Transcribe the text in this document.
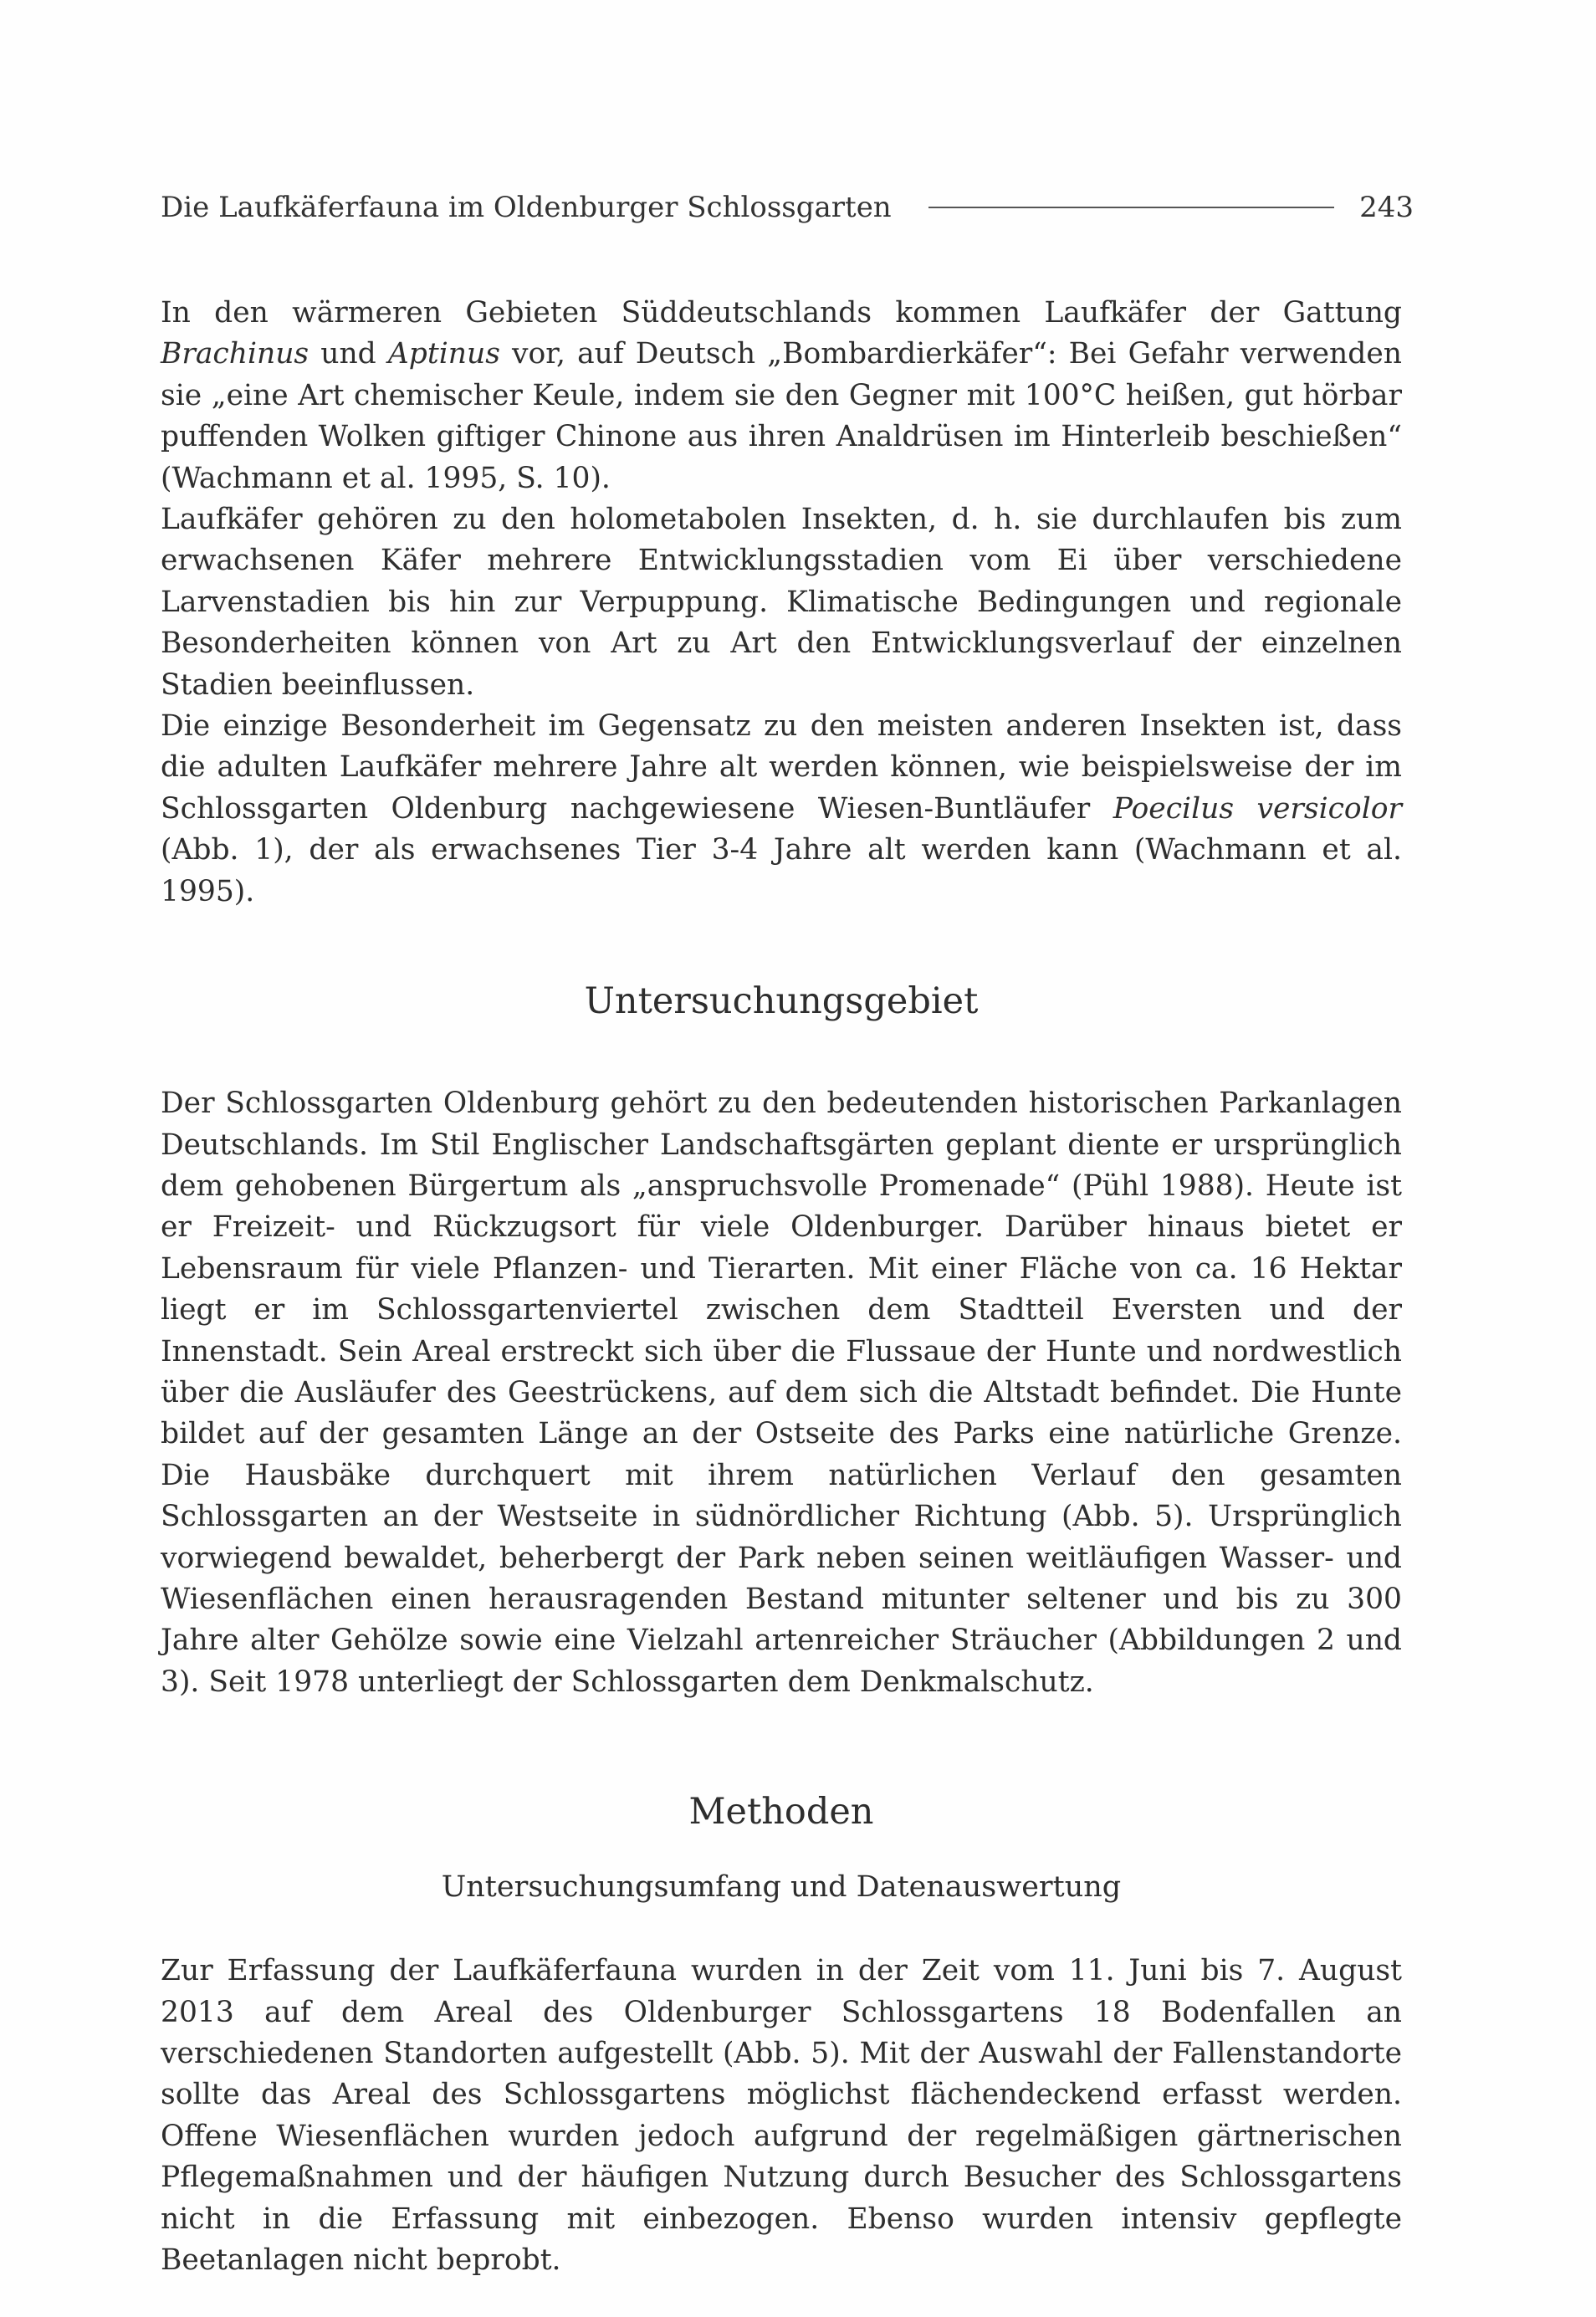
Die Laufkäferfauna im Oldenburger Schlossgarten	243

In den wärmeren Gebieten Süddeutschlands kommen Laufkäfer der Gattung Brachinus und Aptinus vor, auf Deutsch „Bombardierkäfer“: Bei Gefahr verwenden sie „eine Art chemischer Keule, indem sie den Gegner mit 100°C heißen, gut hörbar puffenden Wolken giftiger Chinone aus ihren Analdrüsen im Hinterleib beschießen“ (Wachmann et al. 1995, S. 10).

Laufkäfer gehören zu den holometabolen Insekten, d. h. sie durchlaufen bis zum erwachsenen Käfer mehrere Entwicklungsstadien vom Ei über verschiedene Larvenstadien bis hin zur Verpuppung. Klimatische Bedingungen und regionale Besonderheiten können von Art zu Art den Entwicklungsverlauf der einzelnen Stadien beeinflussen.

Die einzige Besonderheit im Gegensatz zu den meisten anderen Insekten ist, dass die adulten Laufkäfer mehrere Jahre alt werden können, wie beispielsweise der im Schlossgarten Oldenburg nachgewiesene Wiesen-Buntläufer Poecilus versicolor (Abb. 1), der als erwachsenes Tier 3-4 Jahre alt werden kann (Wachmann et al. 1995).

Untersuchungsgebiet

Der Schlossgarten Oldenburg gehört zu den bedeutenden historischen Parkanlagen Deutschlands. Im Stil Englischer Landschaftsgärten geplant diente er ursprünglich dem gehobenen Bürgertum als „anspruchsvolle Promenade“ (Pühl 1988). Heute ist er Freizeit- und Rückzugsort für viele Oldenburger. Darüber hinaus bietet er Lebensraum für viele Pflanzen- und Tierarten. Mit einer Fläche von ca. 16 Hektar liegt er im Schlossgartenviertel zwischen dem Stadtteil Eversten und der Innenstadt. Sein Areal erstreckt sich über die Flussaue der Hunte und nordwestlich über die Ausläufer des Geestrückens, auf dem sich die Altstadt befindet. Die Hunte bildet auf der gesamten Länge an der Ostseite des Parks eine natürliche Grenze. Die Hausbäke durchquert mit ihrem natürlichen Verlauf den gesamten Schlossgarten an der Westseite in südnördlicher Richtung (Abb. 5). Ursprünglich vorwiegend bewaldet, beherbergt der Park neben seinen weitläufigen Wasser- und Wiesenflächen einen herausragenden Bestand mitunter seltener und bis zu 300 Jahre alter Gehölze sowie eine Vielzahl artenreicher Sträucher (Abbildungen 2 und 3). Seit 1978 unterliegt der Schlossgarten dem Denkmalschutz.

Methoden
Untersuchungsumfang und Datenauswertung

Zur Erfassung der Laufkäferfauna wurden in der Zeit vom 11. Juni bis 7. August 2013 auf dem Areal des Oldenburger Schlossgartens 18 Bodenfallen an verschiedenen Standorten aufgestellt (Abb. 5). Mit der Auswahl der Fallenstandorte sollte das Areal des Schlossgartens möglichst flächendeckend erfasst werden. Offene Wiesenflächen wurden jedoch aufgrund der regelmäßigen gärtnerischen Pflegemaßnahmen und der häufigen Nutzung durch Besucher des Schlossgartens nicht in die Erfassung mit einbezogen. Ebenso wurden intensiv gepflegte Beetanlagen nicht beprobt.
